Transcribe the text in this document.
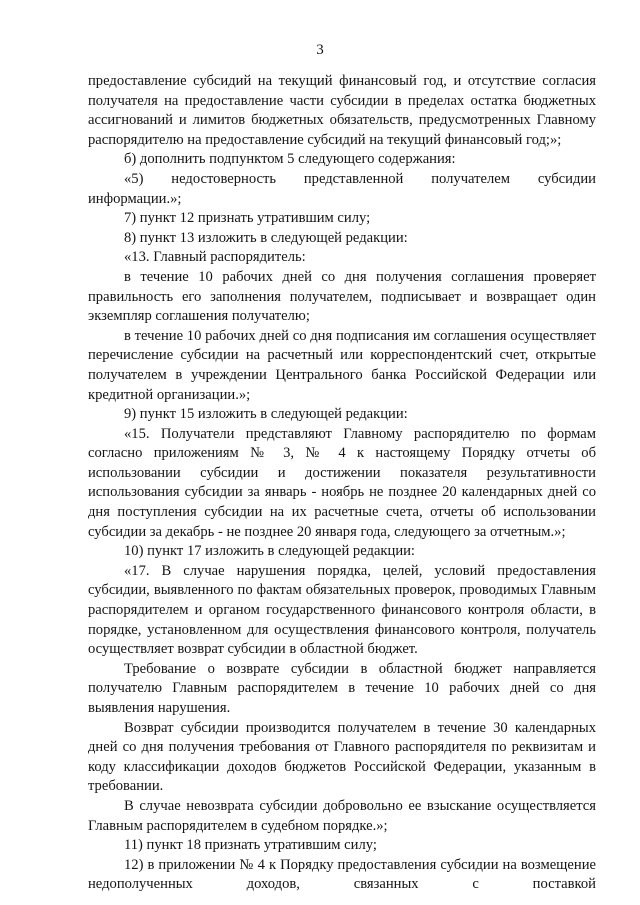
3

предоставление субсидий на текущий финансовый год, и отсутствие согласия получателя на предоставление части субсидии в пределах остатка бюджетных ассигнований и лимитов бюджетных обязательств, предусмотренных Главному распорядителю на предоставление субсидий на текущий финансовый год;»;

б) дополнить подпунктом 5 следующего содержания:

«5) недостоверность представленной получателем субсидии информации.»;

7) пункт 12 признать утратившим силу;

8) пункт 13 изложить в следующей редакции:

«13. Главный распорядитель:

в течение 10 рабочих дней со дня получения соглашения проверяет правильность его заполнения получателем, подписывает и возвращает один экземпляр соглашения получателю;

в течение 10 рабочих дней со дня подписания им соглашения осуществляет перечисление субсидии на расчетный или корреспондентский счет, открытые получателем в учреждении Центрального банка Российской Федерации или кредитной организации.»;

9) пункт 15 изложить в следующей редакции:

«15. Получатели представляют Главному распорядителю по формам согласно приложениям № 3, № 4 к настоящему Порядку отчеты об использовании субсидии и достижении показателя результативности использования субсидии за январь - ноябрь не позднее 20 календарных дней со дня поступления субсидии на их расчетные счета, отчеты об использовании субсидии за декабрь - не позднее 20 января года, следующего за отчетным.»;

10) пункт 17 изложить в следующей редакции:

«17. В случае нарушения порядка, целей, условий предоставления субсидии, выявленного по фактам обязательных проверок, проводимых Главным распорядителем и органом государственного финансового контроля области, в порядке, установленном для осуществления финансового контроля, получатель осуществляет возврат субсидии в областной бюджет.

Требование о возврате субсидии в областной бюджет направляется получателю Главным распорядителем в течение 10 рабочих дней со дня выявления нарушения.

Возврат субсидии производится получателем в течение 30 календарных дней со дня получения требования от Главного распорядителя по реквизитам и коду классификации доходов бюджетов Российской Федерации, указанным в требовании.

В случае невозврата субсидии добровольно ее взыскание осуществляется Главным распорядителем в судебном порядке.»;

11) пункт 18 признать утратившим силу;

12) в приложении № 4 к Порядку предоставления субсидии на возмещение недополученных доходов, связанных с поставкой
